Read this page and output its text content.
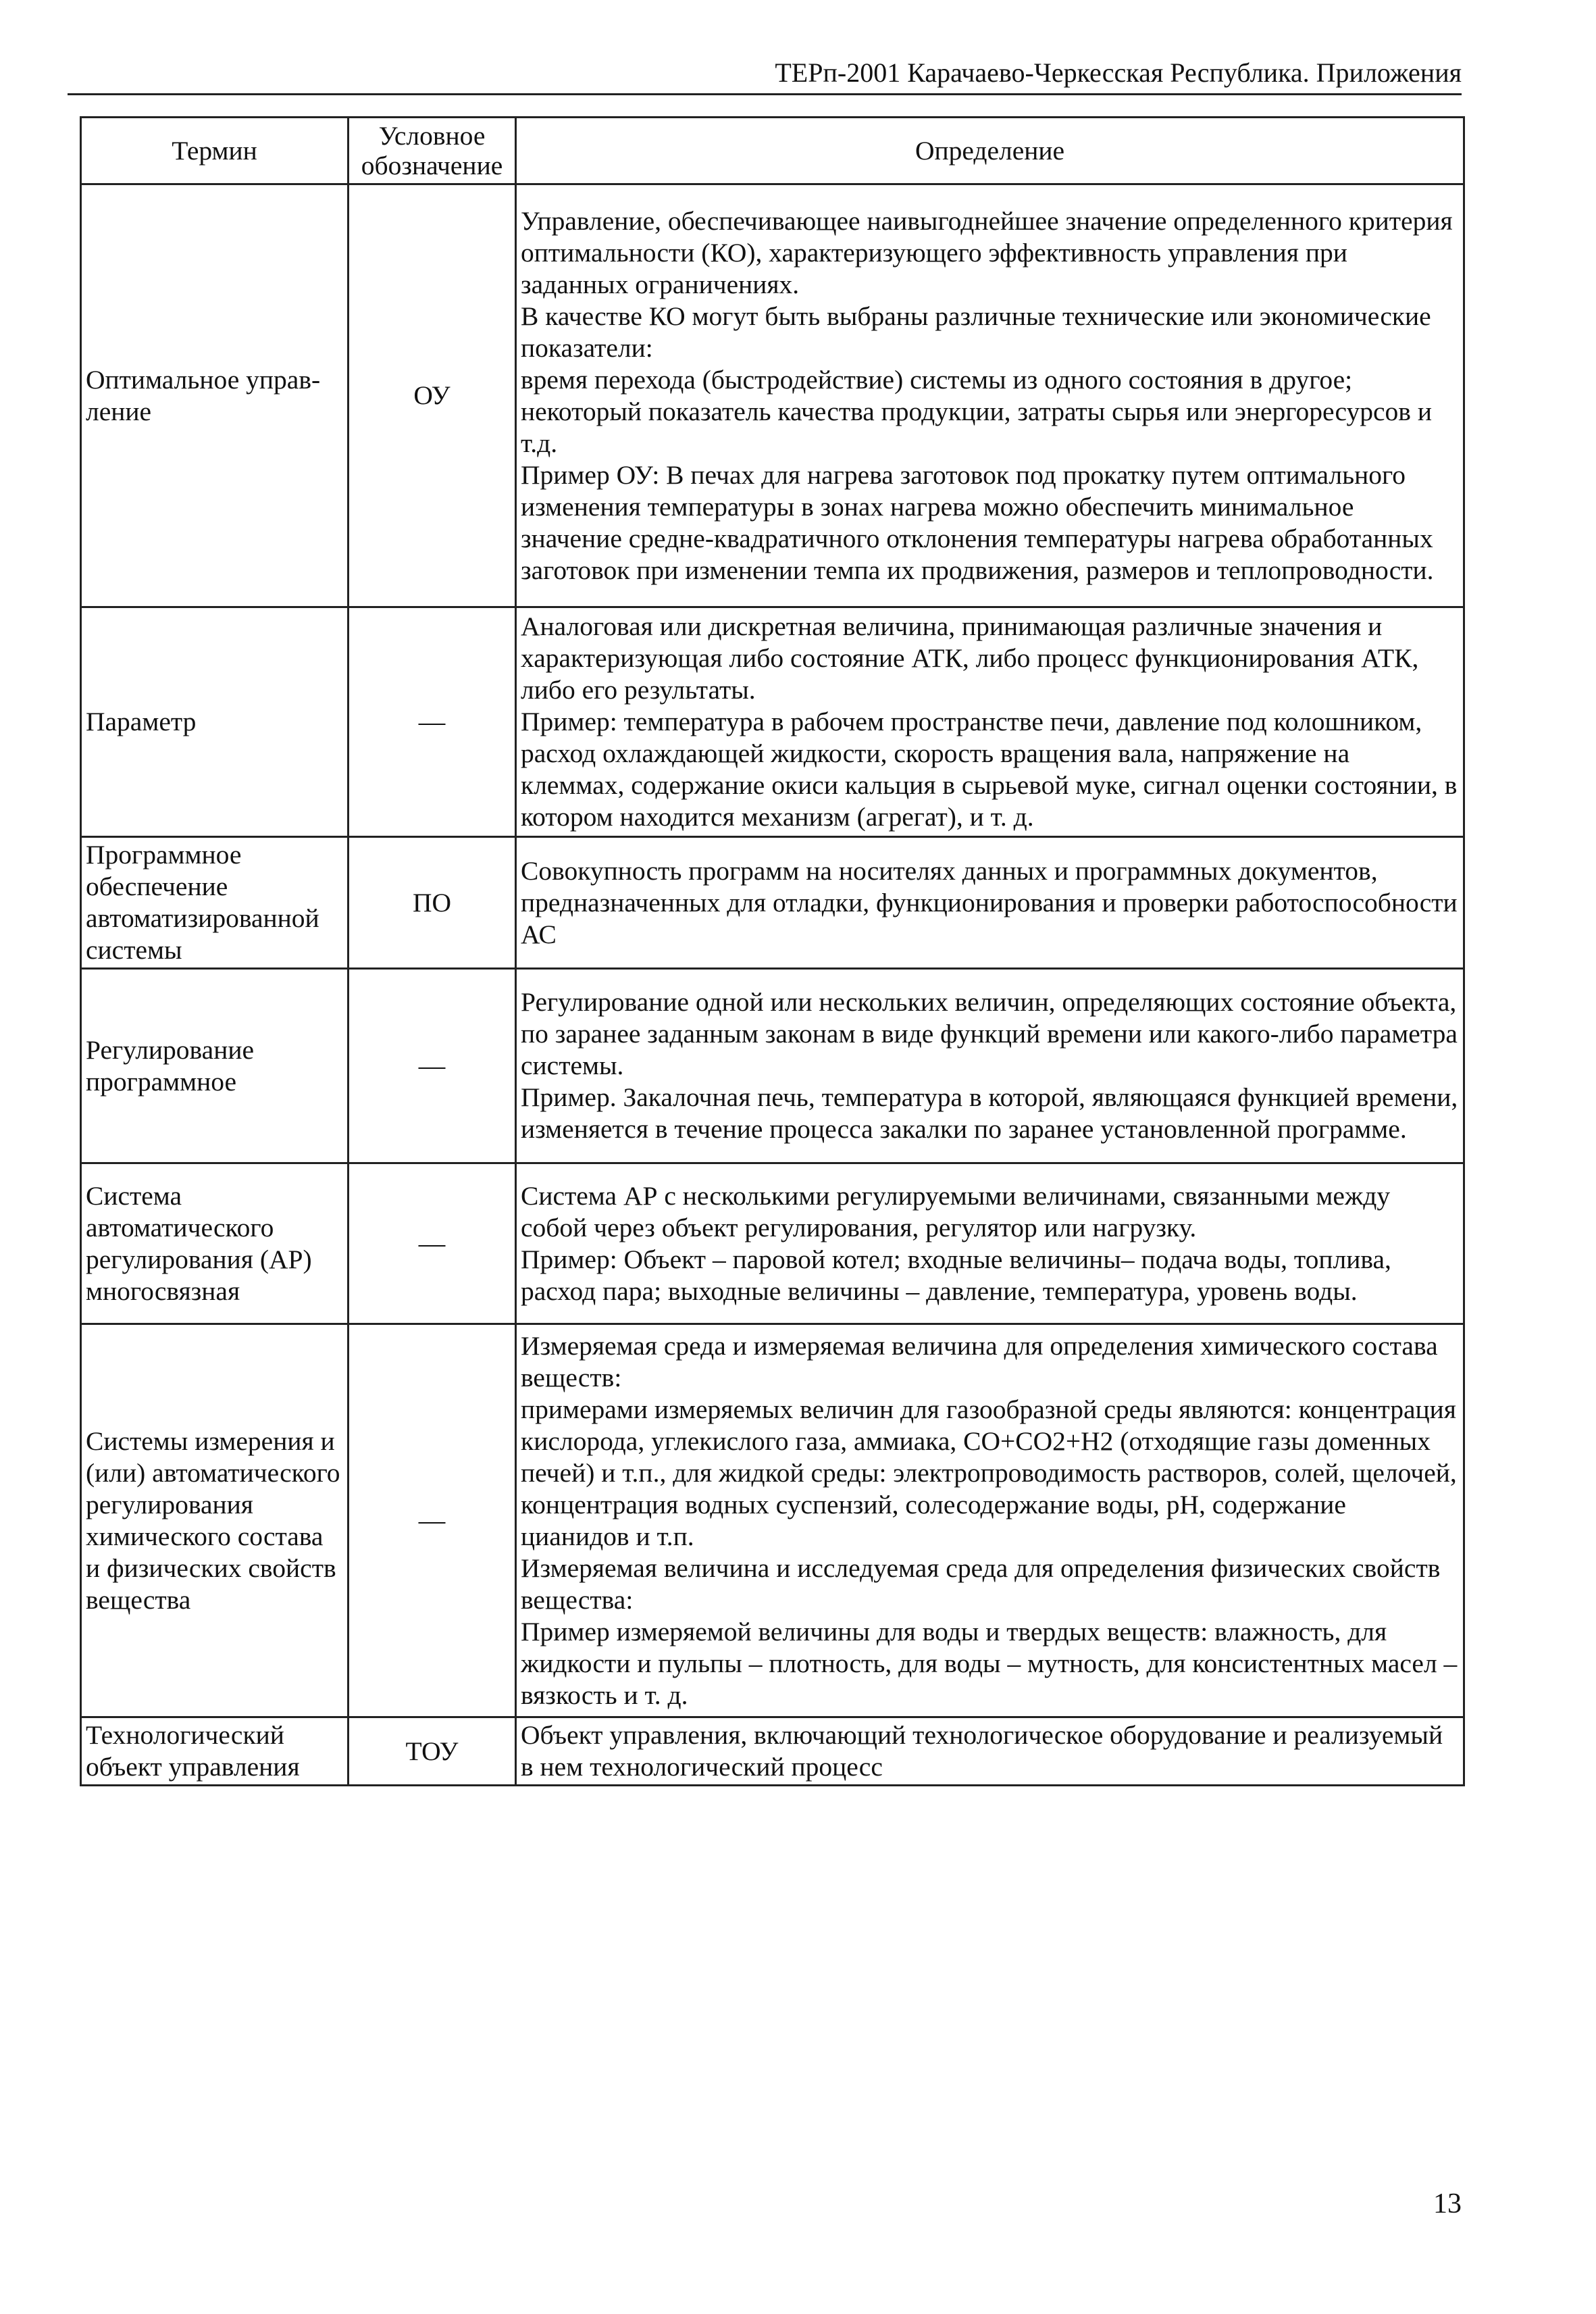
ТЕРп-2001 Карачаево-Черкесская Республика. Приложения
Термин	Условное обозначение	Определение
Оптимальное управ-ление	ОУ	Управление, обеспечивающее наивыгоднейшее значение определенного критерия оптимальности (КО), характеризующего эффективность управления при заданных ограничениях.
В качестве КО могут быть выбраны различные технические или экономические показатели:
время перехода (быстродействие) системы из одного состояния в другое; некоторый показатель качества продукции, затраты сырья или энергоресурсов и т.д.
Пример ОУ: В печах для нагрева заготовок под прокатку путем оптимального изменения температуры в зонах нагрева можно обеспечить минимальное значение средне-квадратичного отклонения температуры нагрева обработанных заготовок при изменении темпа их продвижения, размеров и теплопроводности.

Параметр	—	Аналоговая или дискретная величина, принимающая различные значения и характеризующая либо состояние АТК, либо процесс функционирования АТК, либо его результаты.
Пример: температура в рабочем пространстве печи, давление под колошником, расход охлаждающей жидкости, скорость вращения вала, напряжение на клеммах, содержание окиси кальция в сырьевой муке, сигнал оценки состоянии, в котором находится механизм (агрегат), и т. д.

Программное обеспечение автоматизированной системы	ПО	Совокупность программ на носителях данных и программных документов, предназначенных для отладки, функционирования и проверки работоспособности АС

Регулирование программное	—	Регулирование одной или нескольких величин, определяющих состояние объекта, по заранее заданным законам в виде функций времени или какого-либо параметра системы.
Пример. Закалочная печь, температура в которой, являющаяся функцией времени, изменяется в течение процесса закалки по заранее установленной программе.

Система автоматического регулирования (АР) многосвязная	—	Система АР с несколькими регулируемыми величинами, связанными между собой через объект регулирования, регулятор или нагрузку.
Пример: Объект – паровой котел; входные величины– подача воды, топлива, расход пара; выходные величины – давление, температура, уровень воды.

Системы измерения и (или) автоматического регулирования химического состава и физических свойств вещества	—	Измеряемая среда и измеряемая величина для определения химического состава веществ:
примерами измеряемых величин для газообразной среды являются: концентрация кислорода, углекислого газа, аммиака, CO+CO2+H2 (отходящие газы доменных печей) и т.п., для жидкой среды: электропроводимость растворов, солей, щелочей, концентрация водных суспензий, солесодержание воды, pH, содержание цианидов и т.п.
Измеряемая величина и исследуемая среда для определения физических свойств вещества:
Пример измеряемой величины для воды и твердых веществ: влажность, для жидкости и пульпы – плотность, для воды – мутность, для консистентных масел – вязкость и т. д.

Технологический объект управления	ТОУ	Объект управления, включающий технологическое оборудование и реализуемый в нем технологический процесс
13
